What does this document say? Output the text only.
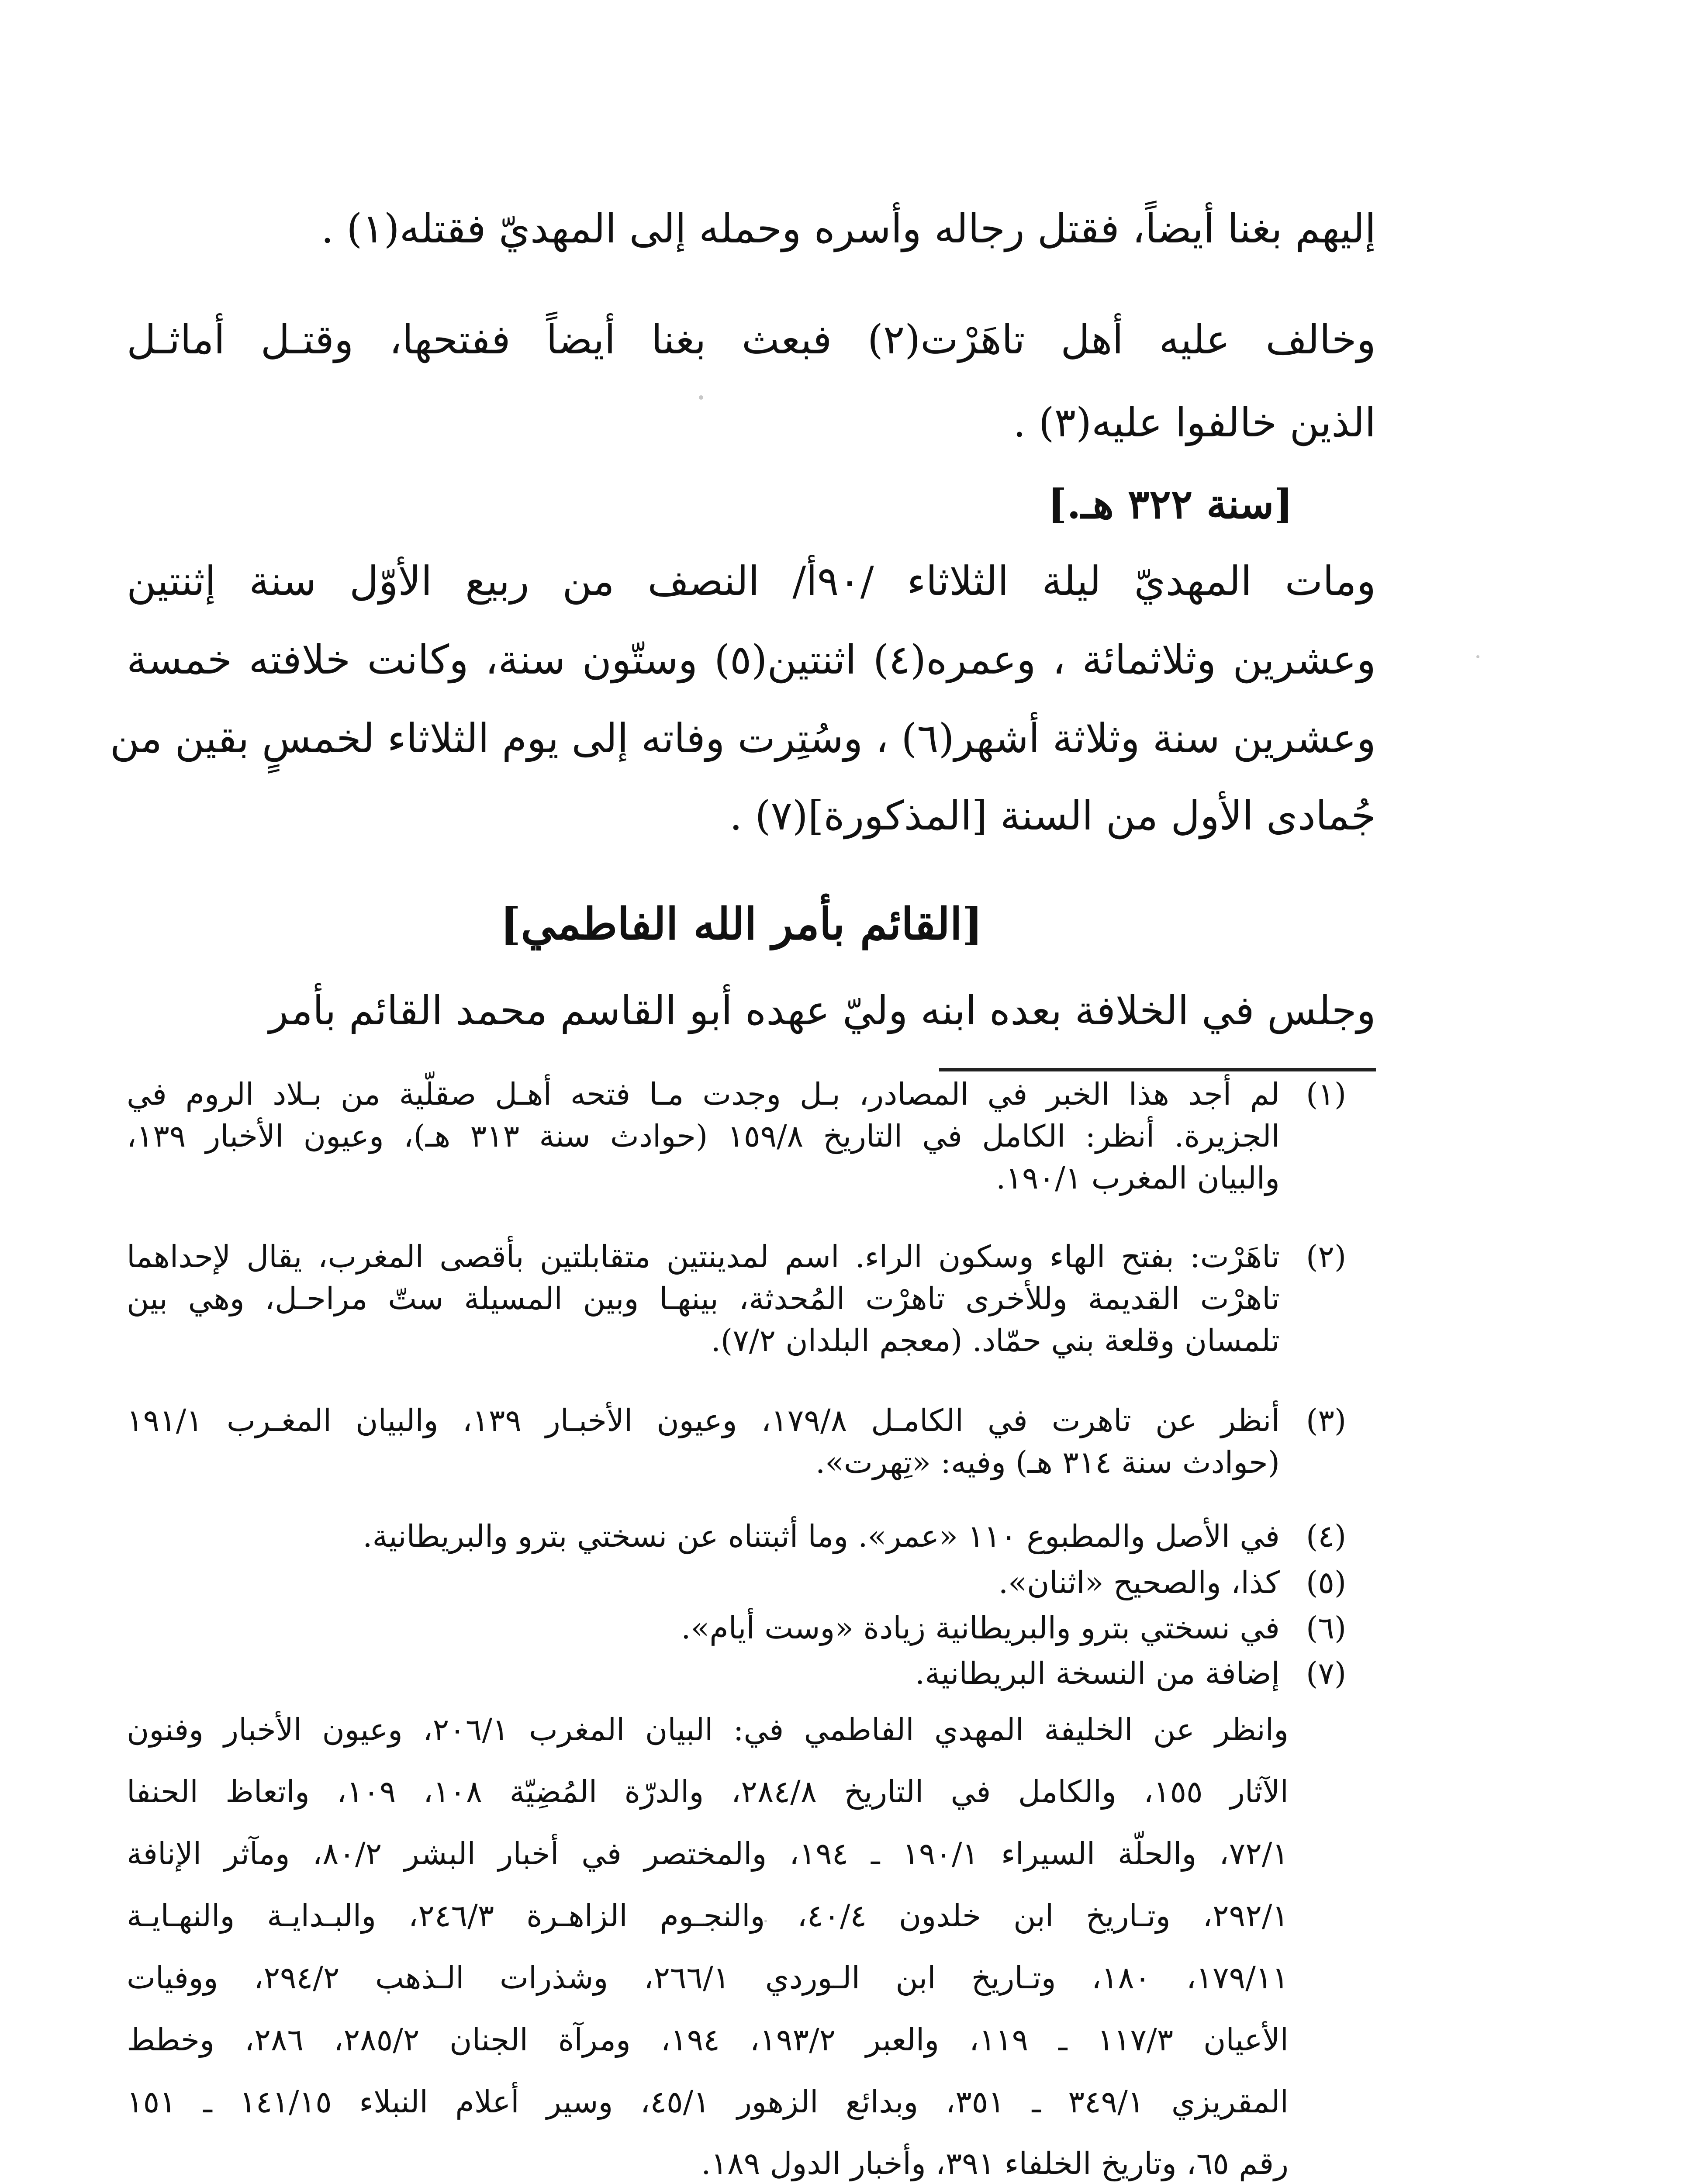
إليهم بغنا أيضاً، فقتل رجاله وأسره وحمله إلى المهديّ فقتله(١) .
وخالف عليه أهل تاهَرْت(٢) فبعث بغنا أيضاً ففتحها، وقتـل أماثـل
الذين خالفوا عليه(٣) .
[سنة ٣٢٢ هـ.]
ومات المهديّ ليلة الثلاثاء /٩٠أ/ النصف من ربيع الأوّل سنة إثنتين
وعشرين وثلاثمائة ، وعمره(٤) اثنتين(٥) وستّون سنة، وكانت خلافته خمسة
وعشرين سنة وثلاثة أشهر(٦) ، وسُتِرت وفاته إلى يوم الثلاثاء لخمسٍ بقين من
جُمادى الأول من السنة [المذكورة](٧) .
[القائم بأمر الله الفاطمي]
وجلس في الخلافة بعده ابنه وليّ عهده أبو القاسم محمد القائم بأمر
(١)
لم أجد هذا الخبر في المصادر، بـل وجدت مـا فتحه أهـل صقلّية من بـلاد الروم في
الجزيرة. أنظر: الكامل في التاريخ ١٥٩/٨ (حوادث سنة ٣١٣ هـ)، وعيون الأخبار ١٣٩،
والبيان المغرب ١٩٠/١.
(٢)
تاهَرْت: بفتح الهاء وسكون الراء. اسم لمدينتين متقابلتين بأقصى المغرب، يقال لإحداهما
تاهرْت القديمة وللأخرى تاهرْت المُحدثة، بينهـا وبين المسيلة ستّ مراحـل، وهي بين
تلمسان وقلعة بني حمّاد. (معجم البلدان ٧/٢).
(٣)
أنظر عن تاهرت في الكامـل ١٧٩/٨، وعيون الأخبـار ١٣٩، والبيان المغـرب ١٩١/١
(حوادث سنة ٣١٤ هـ) وفيه: «تِهرت».
(٤)
في الأصل والمطبوع ١١٠ «عمر». وما أثبتناه عن نسختي بترو والبريطانية.
(٥)
كذا، والصحيح «اثنان».
(٦)
في نسختي بترو والبريطانية زيادة «وست أيام».
(٧)
إضافة من النسخة البريطانية.
وانظر عن الخليفة المهدي الفاطمي في: البيان المغرب ٢٠٦/١، وعيون الأخبار وفنون
الآثار ١٥٥، والكامل في التاريخ ٢٨٤/٨، والدرّة المُضِيّة ١٠٨، ١٠٩، واتعاظ الحنفا
٧٢/١، والحلّة السيراء ١٩٠/١ ـ ١٩٤، والمختصر في أخبار البشر ٨٠/٢، ومآثر الإنافة
٢٩٢/١، وتـاريخ ابن خلدون ٤٠/٤، والنجـوم الزاهـرة ٢٤٦/٣، والبـدايـة والنهـايـة
١٧٩/١١، ١٨٠، وتـاريخ ابن الـوردي ٢٦٦/١، وشذرات الـذهب ٢٩٤/٢، ووفيات
الأعيان ١١٧/٣ ـ ١١٩، والعبر ١٩٣/٢، ١٩٤، ومرآة الجنان ٢٨٥/٢، ٢٨٦، وخطط
المقريزي ٣٤٩/١ ـ ٣٥١، وبدائع الزهور ٤٥/١، وسير أعلام النبلاء ١٤١/١٥ ـ ١٥١
رقم ٦٥، وتاريخ الخلفاء ٣٩١، وأخبار الدول ١٨٩.
